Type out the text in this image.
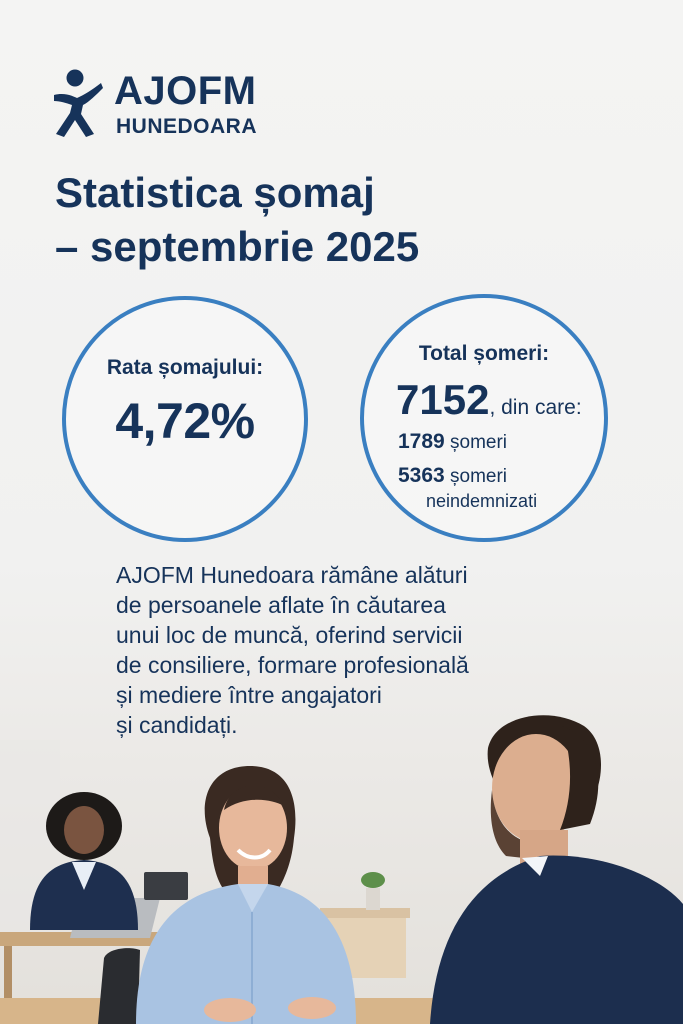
AJOFM
HUNEDOARA
Statistica șomaj
– septembrie 2025
Rata șomajului:
4,72%
Total șomeri:
7152, din care:
1789 șomeri
5363 șomeri
neindemnizati
AJOFM Hunedoara rămâne alături
de persoanele aflate în căutarea
unui loc de muncă, oferind servicii
de consiliere, formare profesională
și mediere între angajatori
și candidați.
